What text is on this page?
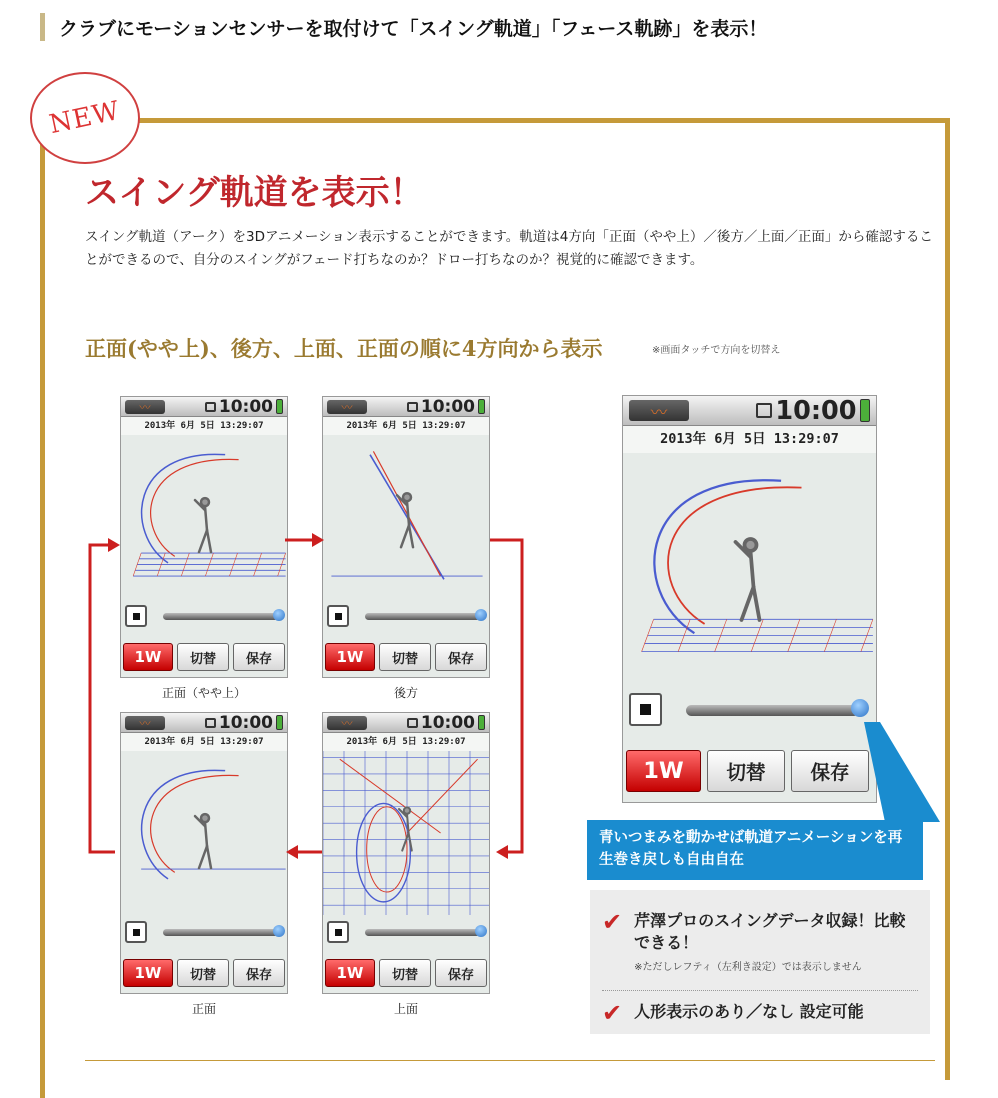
クラブにモーションセンサーを取付けて「スイング軌道」「フェース軌跡」を表示！
NEW
スイング軌道を表示！
スイング軌道（アーク）を3Dアニメーション表示することができます。軌道は4方向「正面（やや上）／後方／上面／正面」から確認することができるので、自分のスイングがフェード打ちなのか？ドロー打ちなのか？視覚的に確認できます。
正面(やや上)、後方、上面、正面の順に4方向から表示	※画面タッチで方向を切替え
〰	10:00
2013年 6月 5日 13:29:07
1W	切替	保存
正面（やや上）
〰	10:00
2013年 6月 5日 13:29:07
1W	切替	保存
後方
〰	10:00
2013年 6月 5日 13:29:07
1W	切替	保存
正面
〰	10:00
2013年 6月 5日 13:29:07
1W	切替	保存
上面
〰	10:00
2013年 6月 5日 13:29:07
1W	切替	保存
青いつまみを動かせば軌道アニメーションを再生巻き戻しも自由自在
✔ 芹澤プロのスイングデータ収録！比較できる！
※ただしレフティ（左利き設定）では表示しません
✔ 人形表示のあり／なし 設定可能
